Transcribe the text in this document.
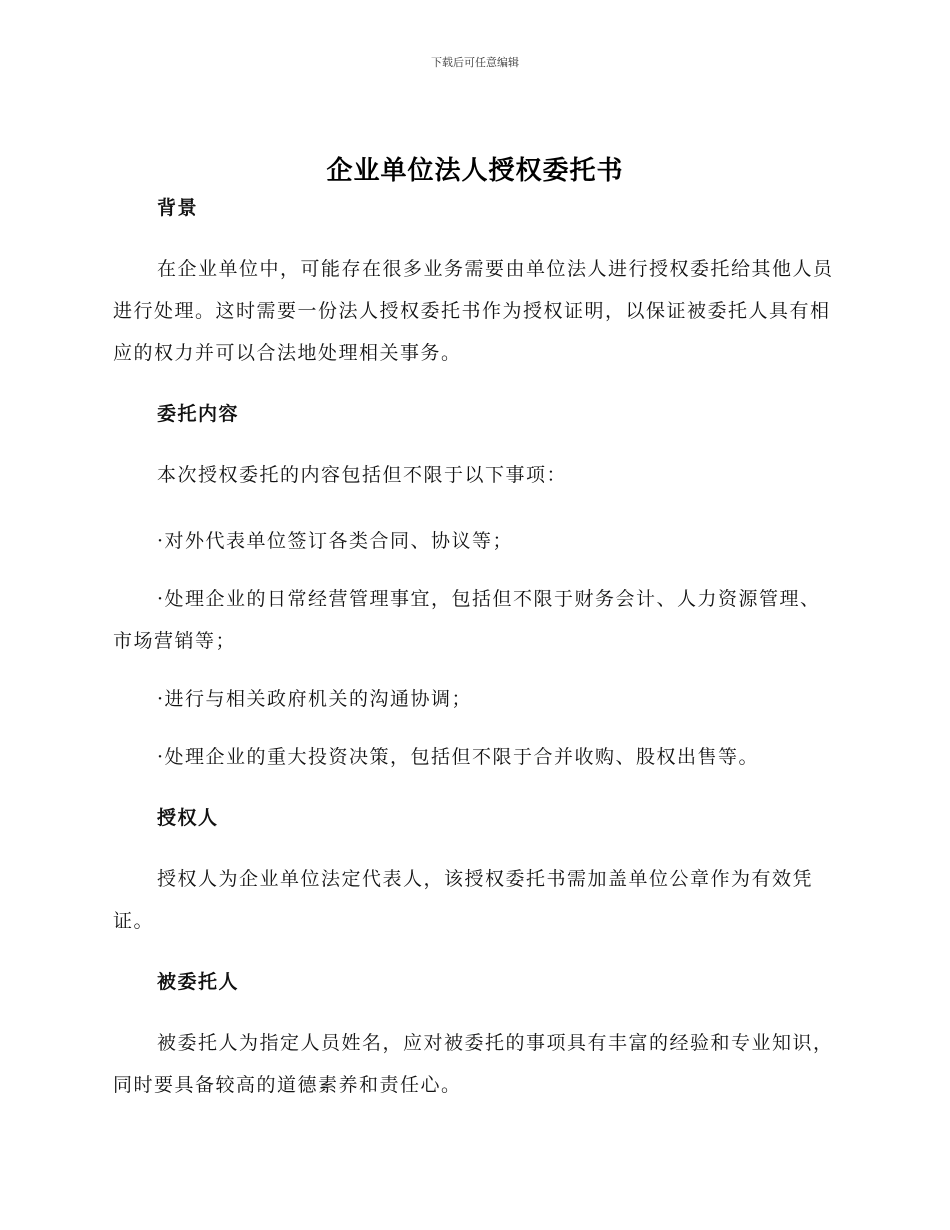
下载后可任意编辑
企业单位法人授权委托书
背景
在企业单位中，可能存在很多业务需要由单位法人进行授权委托给其他人员进行处理。这时需要一份法人授权委托书作为授权证明，以保证被委托人具有相应的权力并可以合法地处理相关事务。
委托内容
本次授权委托的内容包括但不限于以下事项：
·对外代表单位签订各类合同、协议等；
·处理企业的日常经营管理事宜，包括但不限于财务会计、人力资源管理、市场营销等；
·进行与相关政府机关的沟通协调；
·处理企业的重大投资决策，包括但不限于合并收购、股权出售等。
授权人
授权人为企业单位法定代表人，该授权委托书需加盖单位公章作为有效凭证。
被委托人
被委托人为指定人员姓名，应对被委托的事项具有丰富的经验和专业知识，同时要具备较高的道德素养和责任心。
